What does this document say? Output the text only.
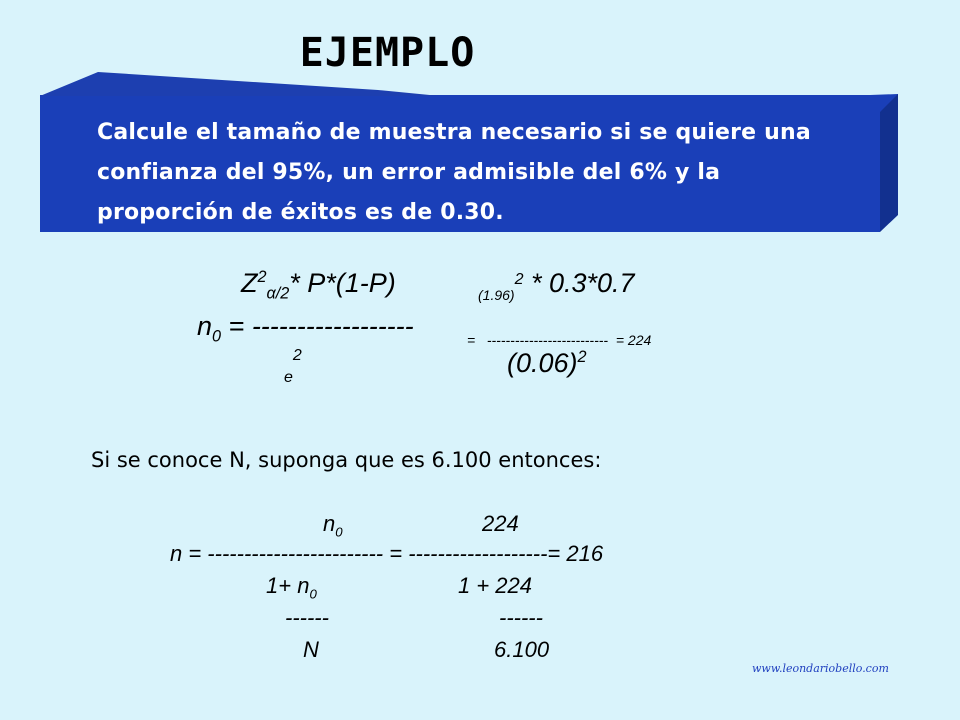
EJEMPLO
Calcule el tamaño de muestra necesario si se quiere una confianza del 95%, un error admisible del 6% y la proporción de éxitos es de 0.30.
$Z^2_{\alpha/2}*$ P*(1-P)
$n_0$ = ------------------
e2
(1.96)2 * 0.3*0.7
= -------------------------- = 224
$(0.06)^2$
Si se conoce N, suponga que es 6.100 entonces:
$n_0$	224
n = ------------------------ = -------------------= 216
$1+ n_0$	1 + 224
------	------
N	6.100
www.leondariobello.com
